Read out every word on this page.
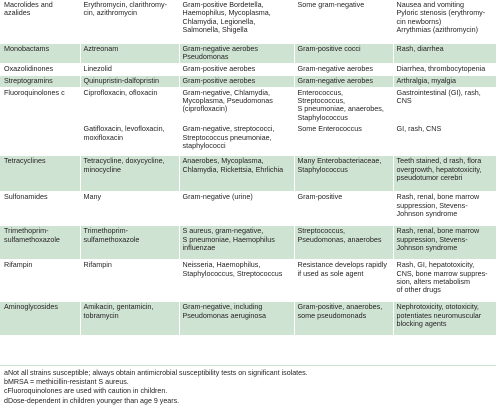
Macrolides and
azalides	Erythromycin, clarithromy-
cin, azithromycin	Gram-positive Bordetella,
Haemophilus, Mycoplasma,
Chlamydia, Legionella,
Salmonella, Shigella	Some gram-negative	Nausea and vomiting
Pyloric stenosis (erythromy-
cin newborns)
Arrythmias (azithromycin)

Monobactams	Aztreonam	Gram-negative aerobes
Pseudomonas	Gram-positive cocci	Rash, diarrhea

Oxazolidinones	Linezolid	Gram-positive aerobes	Gram-negative aerobes	Diarrhea, thrombocytopenia

Streptogramins	Quinupristin-dalfopristin	Gram-positive aerobes	Gram-negative aerobes	Arthralgia, myalgia

Fluoroquinolones c	Ciprofloxacin, ofloxacin	Gram-negative, Chlamydia,
Mycoplasma, Pseudomonas
(ciprofloxacin)	Enterococcus, Streptococcus,
S pneumoniae, anaerobes,
Staphylococcus	Gastrointestinal (GI), rash,
CNS

	Gatifloxacin, levofloxacin,
moxifloxacin	Gram-negative, streptococci,
Streptococcus pneumoniae,
staphylococci	Some Enterococcus	GI, rash, CNS

Tetracyclines	Tetracycline, doxycycline,
minocycline	Anaerobes, Mycoplasma,
Chlamydia, Rickettsia, Ehrlichia	Many Enterobacteriaceae,
Staphylococcus	Teeth stained, d rash, flora
overgrowth, hepatotoxicity,
pseudotumor cerebri

Sulfonamides	Many	Gram-negative (urine)	Gram-positive	Rash, renal, bone marrow
suppression, Stevens-
Johnson syndrome

Trimethoprim-
sulfamethoxazole	Trimethoprim-
sulfamethoxazole	S aureus, gram-negative,
S pneumoniae, Haemophilus
influenzae	Streptococcus,
Pseudomonas, anaerobes	Rash, renal, bone marrow
suppression, Stevens-
Johnson syndrome

Rifampin	Rifampin	Neisseria, Haemophilus,
Staphylococcus, Streptococcus	Resistance develops rapidly
if used as sole agent	Rash, GI, hepatotoxicity,
CNS, bone marrow suppres-
sion, alters metabolism
of other drugs

Aminoglycosides	Amikacin, gentamicin,
tobramycin	Gram-negative, including
Pseudomonas aeruginosa	Gram-positive, anaerobes,
some pseudomonads	Nephrotoxicity, ototoxicity,
potentiates neuromuscular
blocking agents
aNot all strains susceptible; always obtain antimicrobial susceptibility tests on significant isolates.
bMRSA = methicillin-resistant S aureus.
cFluoroquinolones are used with caution in children.
dDose-dependent in children younger than age 9 years.
